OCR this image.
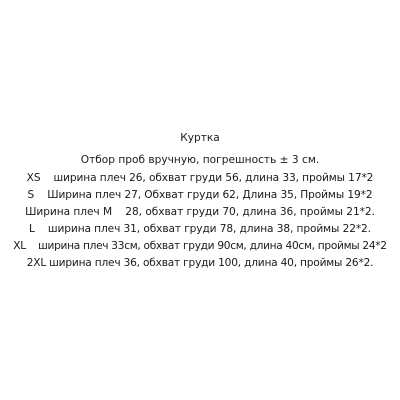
Куртка
Отбор проб вручную, погрешность ± 3 см.
XS    ширина плеч 26, обхват груди 56, длина 33, проймы 17*2
S    Ширина плеч 27, Обхват груди 62, Длина 35, Проймы 19*2
Ширина плеч M    28, обхват груди 70, длина 36, проймы 21*2.
L    ширина плеч 31, обхват груди 78, длина 38, проймы 22*2.
XL    ширина плеч 33см, обхват груди 90см, длина 40см, проймы 24*2
2XL ширина плеч 36, обхват груди 100, длина 40, проймы 26*2.
